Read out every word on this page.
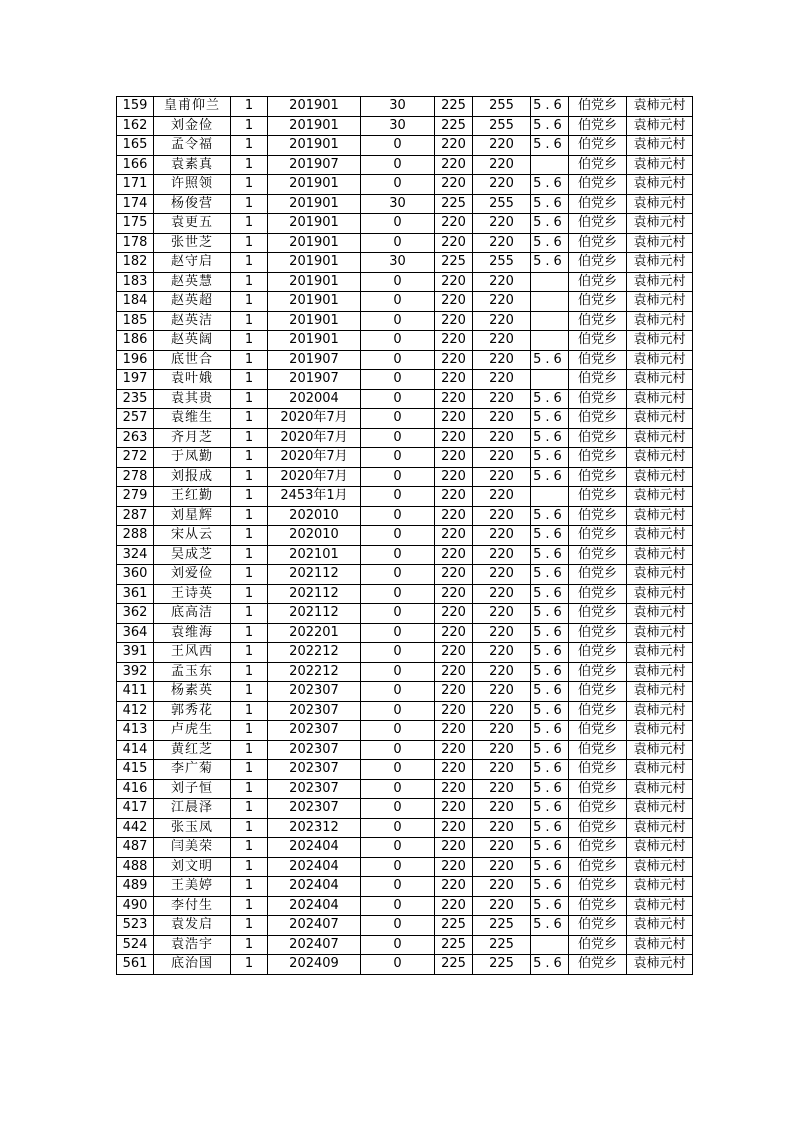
159	皇甫仰兰	1	201901	30	225	255	5.6	伯党乡	袁柿元村
162	刘金俭	1	201901	30	225	255	5.6	伯党乡	袁柿元村
165	孟令福	1	201901	0	220	220	5.6	伯党乡	袁柿元村
166	袁素真	1	201907	0	220	220		伯党乡	袁柿元村
171	许照领	1	201901	0	220	220	5.6	伯党乡	袁柿元村
174	杨俊营	1	201901	30	225	255	5.6	伯党乡	袁柿元村
175	袁更五	1	201901	0	220	220	5.6	伯党乡	袁柿元村
178	张世芝	1	201901	0	220	220	5.6	伯党乡	袁柿元村
182	赵守启	1	201901	30	225	255	5.6	伯党乡	袁柿元村
183	赵英慧	1	201901	0	220	220		伯党乡	袁柿元村
184	赵英超	1	201901	0	220	220		伯党乡	袁柿元村
185	赵英洁	1	201901	0	220	220		伯党乡	袁柿元村
186	赵英阔	1	201901	0	220	220		伯党乡	袁柿元村
196	底世合	1	201907	0	220	220	5.6	伯党乡	袁柿元村
197	袁叶娥	1	201907	0	220	220		伯党乡	袁柿元村
235	袁其贵	1	202004	0	220	220	5.6	伯党乡	袁柿元村
257	袁维生	1	2020年7月	0	220	220	5.6	伯党乡	袁柿元村
263	齐月芝	1	2020年7月	0	220	220	5.6	伯党乡	袁柿元村
272	于凤勤	1	2020年7月	0	220	220	5.6	伯党乡	袁柿元村
278	刘报成	1	2020年7月	0	220	220	5.6	伯党乡	袁柿元村
279	王红勤	1	2453年1月	0	220	220		伯党乡	袁柿元村
287	刘星辉	1	202010	0	220	220	5.6	伯党乡	袁柿元村
288	宋从云	1	202010	0	220	220	5.6	伯党乡	袁柿元村
324	吴成芝	1	202101	0	220	220	5.6	伯党乡	袁柿元村
360	刘爱俭	1	202112	0	220	220	5.6	伯党乡	袁柿元村
361	王诗英	1	202112	0	220	220	5.6	伯党乡	袁柿元村
362	底高洁	1	202112	0	220	220	5.6	伯党乡	袁柿元村
364	袁维海	1	202201	0	220	220	5.6	伯党乡	袁柿元村
391	王风西	1	202212	0	220	220	5.6	伯党乡	袁柿元村
392	孟玉东	1	202212	0	220	220	5.6	伯党乡	袁柿元村
411	杨素英	1	202307	0	220	220	5.6	伯党乡	袁柿元村
412	郭秀花	1	202307	0	220	220	5.6	伯党乡	袁柿元村
413	卢虎生	1	202307	0	220	220	5.6	伯党乡	袁柿元村
414	黄红芝	1	202307	0	220	220	5.6	伯党乡	袁柿元村
415	李广菊	1	202307	0	220	220	5.6	伯党乡	袁柿元村
416	刘子恒	1	202307	0	220	220	5.6	伯党乡	袁柿元村
417	江晨泽	1	202307	0	220	220	5.6	伯党乡	袁柿元村
442	张玉凤	1	202312	0	220	220	5.6	伯党乡	袁柿元村
487	闫美荣	1	202404	0	220	220	5.6	伯党乡	袁柿元村
488	刘文明	1	202404	0	220	220	5.6	伯党乡	袁柿元村
489	王美婷	1	202404	0	220	220	5.6	伯党乡	袁柿元村
490	李付生	1	202404	0	220	220	5.6	伯党乡	袁柿元村
523	袁发启	1	202407	0	225	225	5.6	伯党乡	袁柿元村
524	袁浩宇	1	202407	0	225	225		伯党乡	袁柿元村
561	底治国	1	202409	0	225	225	5.6	伯党乡	袁柿元村
